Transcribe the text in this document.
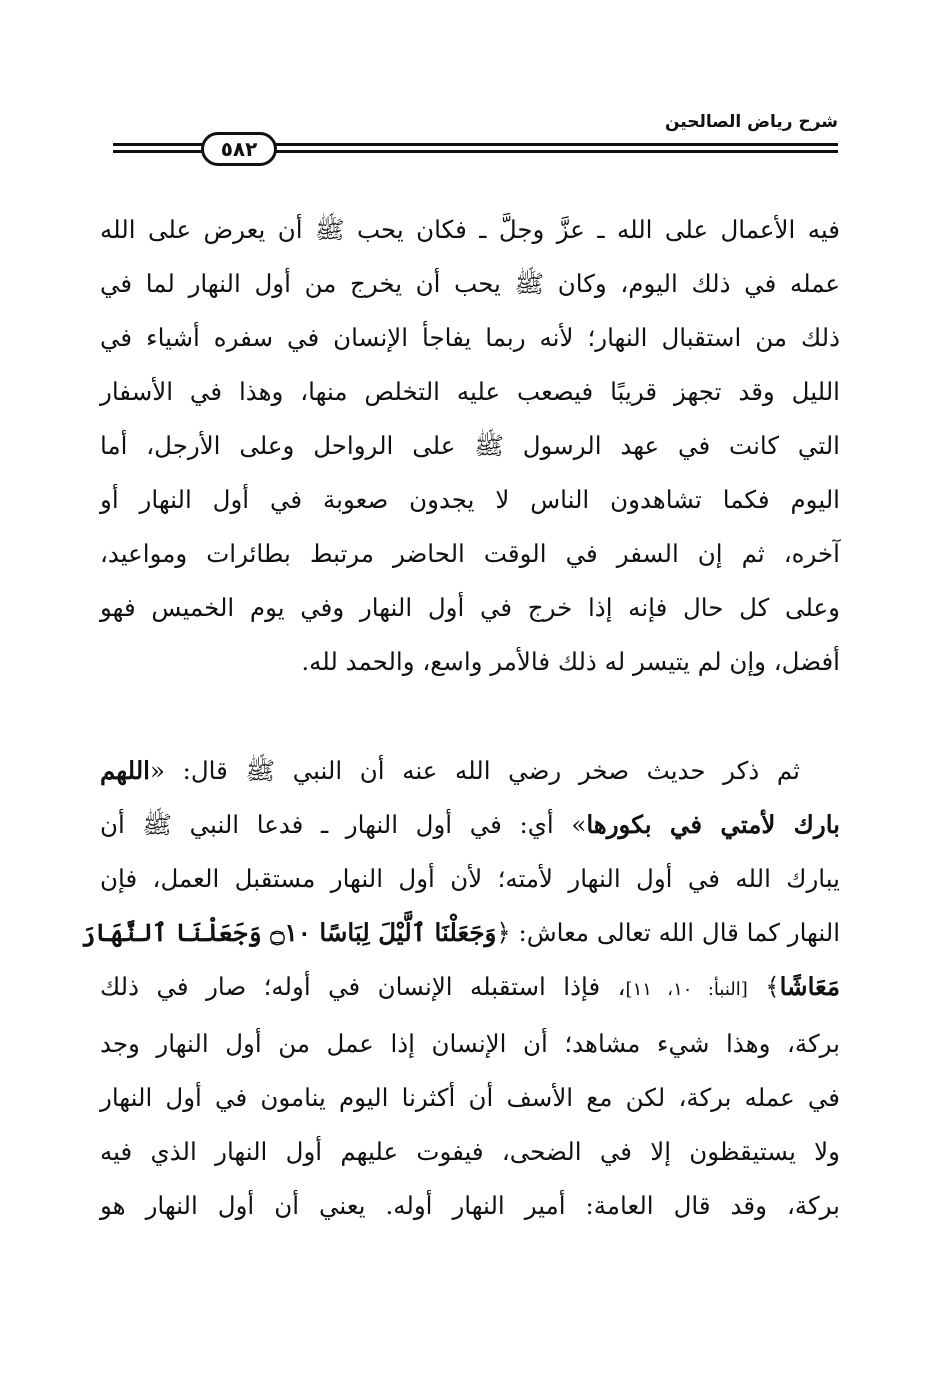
شرح رياض الصالحين
٥٨٢
فيه الأعمال على الله ـ عزَّ وجلَّ ـ فكان يحب ﷺ أن يعرض على الله
عمله في ذلك اليوم، وكان ﷺ يحب أن يخرج من أول النهار لما في
ذلك من استقبال النهار؛ لأنه ربما يفاجأ الإنسان في سفره أشياء في
الليل وقد تجهز قريبًا فيصعب عليه التخلص منها، وهذا في الأسفار
التي كانت في عهد الرسول ﷺ على الرواحل وعلى الأرجل، أما
اليوم فكما تشاهدون الناس لا يجدون صعوبة في أول النهار أو
آخره، ثم إن السفر في الوقت الحاضر مرتبط بطائرات ومواعيد،
وعلى كل حال فإنه إذا خرج في أول النهار وفي يوم الخميس فهو
أفضل، وإن لم يتيسر له ذلك فالأمر واسع، والحمد لله.
ثم ذكر حديث صخر رضي الله عنه أن النبي ﷺ قال: «اللهم
بارك لأمتي في بكورها» أي: في أول النهار ـ فدعا النبي ﷺ أن
يبارك الله في أول النهار لأمته؛ لأن أول النهار مستقبل العمل، فإن
النهار كما قال الله تعالى معاش: ﴿وَجَعَلْنَا ٱلَّيْلَ لِبَاسًا ۝١٠ وَجَعَلْنَا ٱلنَّهَارَ
مَعَاشًا﴾ [النبأ: ١٠، ١١]، فإذا استقبله الإنسان في أوله؛ صار في ذلك
بركة، وهذا شيء مشاهد؛ أن الإنسان إذا عمل من أول النهار وجد
في عمله بركة، لكن مع الأسف أن أكثرنا اليوم ينامون في أول النهار
ولا يستيقظون إلا في الضحى، فيفوت عليهم أول النهار الذي فيه
بركة، وقد قال العامة: أمير النهار أوله. يعني أن أول النهار هو
